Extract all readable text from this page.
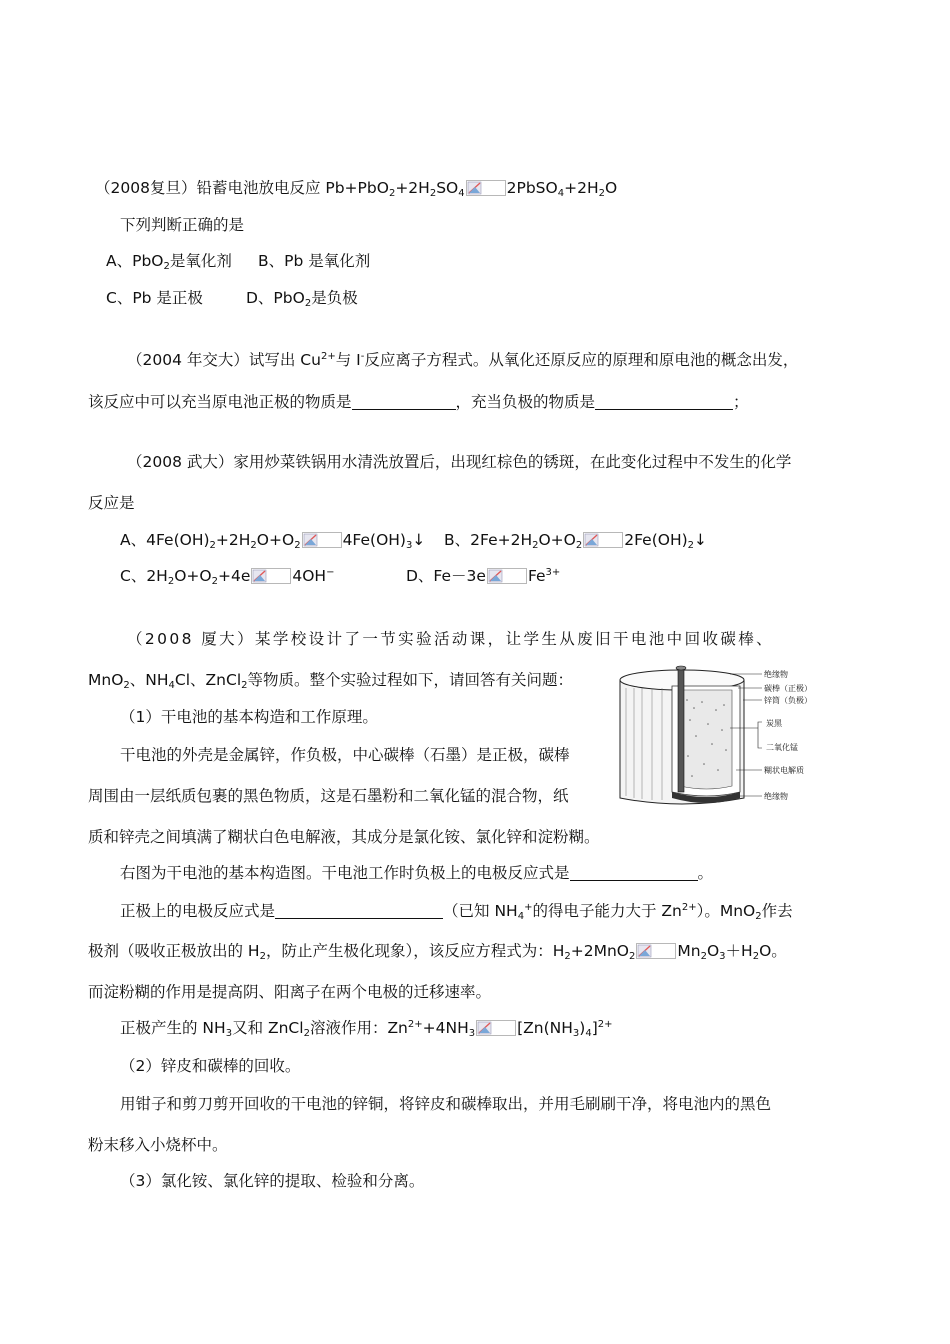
（2008复旦）铅蓄电池放电反应 $Pb+PbO_2+2H_2SO_4$	$2PbSO_4+2H_2O$
下列判断正确的是
A、PbO$_2$是氧化剂 B、Pb 是氧化剂
C、Pb 是正极	D、PbO$_2$是负极
（2004 年交大）试写出 $Cu^{2+}$与 I-反应离子方程式。从氧化还原反应的原理和原电池的概念出发，
该反应中可以充当原电池正极的物质是	，充当负极的物质是	；
（2008 武大）家用炒菜铁锅用水清洗放置后，出现红棕色的锈斑，在此变化过程中不发生的化学
反应是
A、$4Fe(OH)_2+2H_2O+O_2$	$4Fe(OH)_3↓$ B、$2Fe+2H_2O+O_2$	$2Fe(OH)_2↓$
C、$2H_2O+O_2+4e$	4OH−	D、Fe－3e	$Fe^{3+}$
（2008 厦大）某学校设计了一节实验活动课，让学生从废旧干电池中回收碳棒、
MnO$_2$、$NH_4Cl$、ZnCl$_2$等物质。整个实验过程如下，请回答有关问题：
（1）干电池的基本构造和工作原理。
干电池的外壳是金属锌，作负极，中心碳棒（石墨）是正极，碳棒
周围由一层纸质包裹的黑色物质，这是石墨粉和二氧化锰的混合物，纸
质和锌壳之间填满了糊状白色电解液，其成分是氯化铵、氯化锌和淀粉糊。
右图为干电池的基本构造图。干电池工作时负极上的电极反应式是	。
正极上的电极反应式是	（已知 $NH^{4+}$的得电子能力大于 $Zn^{2+}$）。MnO$_2$作去
极剂（吸收正极放出的 $H_2$，防止产生极化现象），该反应方程式为：$H_2+2MnO_2$	$Mn_2O_3+H_2O$。
而淀粉糊的作用是提高阴、阳离子在两个电极的迁移速率。
正极产生的 $NH_3$又和 ZnCl$_2$溶液作用：$Zn^{2+}+4NH_3$	$[Zn(NH_3)_4]^{2+}$
（2）锌皮和碳棒的回收。
用钳子和剪刀剪开回收的干电池的锌铜，将锌皮和碳棒取出，并用毛刷刷干净，将电池内的黑色
粉末移入小烧杯中。
（3）氯化铵、氯化锌的提取、检验和分离。
绝缘物
碳棒（正极）
锌筒（负极）
炭黑
二氧化锰
糊状电解质
绝缘物
